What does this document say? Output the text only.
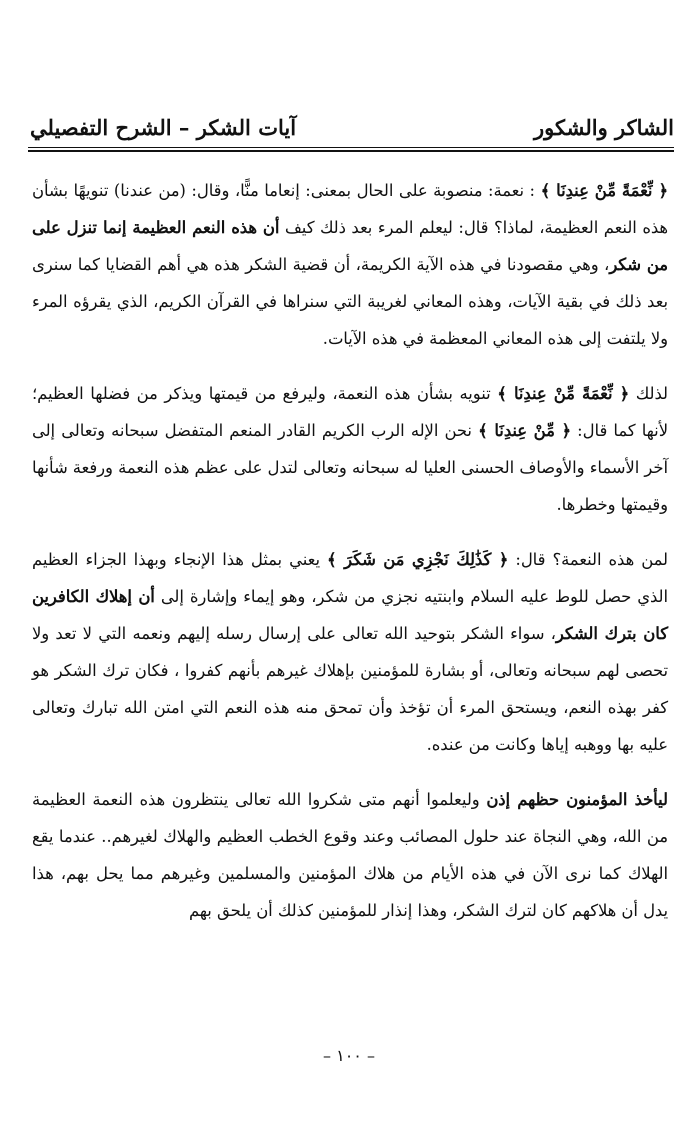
الشاكر والشكور
آيات الشكر – الشرح التفصيلي

﴿ نِّعْمَةً مِّنْ عِندِنَا ﴾ : نعمة: منصوبة على الحال بمعنى: إنعاما منًّا، وقال: (من عندنا) تنويهًا بشأن هذه النعم العظيمة، لماذا؟ قال: ليعلم المرء بعد ذلك كيف أن هذه النعم العظيمة إنما تنزل على من شكر، وهي مقصودنا في هذه الآية الكريمة، أن قضية الشكر هذه هي أهم القضايا كما سنرى بعد ذلك في بقية الآيات، وهذه المعاني لغريبة التي سنراها في القرآن الكريم، الذي يقرؤه المرء ولا يلتفت إلى هذه المعاني المعظمة في هذه الآيات.

لذلك ﴿ نِّعْمَةً مِّنْ عِندِنَا ﴾ تنويه بشأن هذه النعمة، وليرفع من قيمتها ويذكر من فضلها العظيم؛ لأنها كما قال: ﴿ مِّنْ عِندِنَا ﴾ نحن الإله الرب الكريم القادر المنعم المتفضل سبحانه وتعالى إلى آخر الأسماء والأوصاف الحسنى العليا له سبحانه وتعالى لتدل على عظم هذه النعمة ورفعة شأنها وقيمتها وخطرها.

لمن هذه النعمة؟ قال: ﴿ كَذَٰلِكَ نَجْزِي مَن شَكَرَ ﴾ يعني بمثل هذا الإنجاء وبهذا الجزاء العظيم الذي حصل للوط عليه السلام وابنتيه نجزي من شكر، وهو إيماء وإشارة إلى أن إهلاك الكافرين كان بترك الشكر، سواء الشكر بتوحيد الله تعالى على إرسال رسله إليهم ونعمه التي لا تعد ولا تحصى لهم سبحانه وتعالى، أو بشارة للمؤمنين بإهلاك غيرهم بأنهم كفروا ، فكان ترك الشكر هو كفر بهذه النعم، ويستحق المرء أن تؤخذ وأن تمحق منه هذه النعم التي امتن الله تبارك وتعالى عليه بها ووهبه إياها وكانت من عنده.

ليأخذ المؤمنون حظهم إذن وليعلموا أنهم متى شكروا الله تعالى ينتظرون هذه النعمة العظيمة من الله، وهي النجاة عند حلول المصائب وعند وقوع الخطب العظيم والهلاك لغيرهم.. عندما يقع الهلاك كما نرى الآن في هذه الأيام من هلاك المؤمنين والمسلمين وغيرهم مما يحل بهم، هذا يدل أن هلاكهم كان لترك الشكر، وهذا إنذار للمؤمنين كذلك أن يلحق بهم

– ١٠٠ –
